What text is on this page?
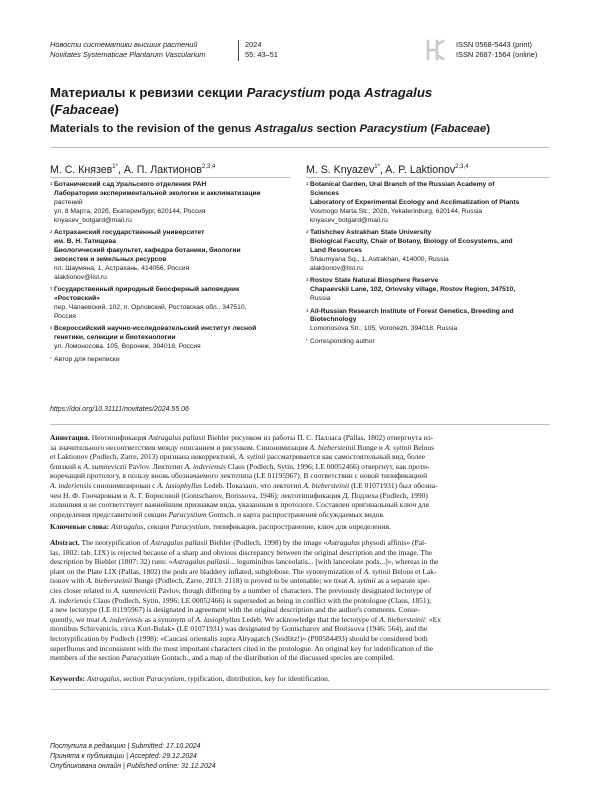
Новости систематики высших растений
Novitates Systematicae Plantarum Vascularium
2024
55: 43–51
ISSN 0568-5443 (print)
ISSN 2687-1564 (online)
Материалы к ревизии секции Paracystium рода Astragalus
(Fabaceae)
Materials to the revision of the genus Astragalus section Paracystium (Fabaceae)
М. С. Князев$^{1*}$, А. П. Лактионов$^{2,3,4}$	M. S. Knyazev$^{1*}$, A. P. Laktionov$^{2,3,4}$
1 Ботанический сад Уральского отделения РАН
Лаборатория экспериментальной экологии и акклиматизации
растений
ул. 8 Марта, 202б, Екатеринбург, 620144, Россия
knyasev_botgard@mail.ru
2 Астраханский государственный университет
им. В. Н. Татищева
Биологический факультет, кафедра ботаники, биологии
экосистем и земельных ресурсов
пл. Шаумяна, 1, Астрахань, 414056, Россия
alaktionov@list.ru
3 Государственный природный биосферный заповедник
«Ростовский»
пер. Чапаевский, 102, п. Орловский, Ростовская обл., 347510,
Россия
4 Всероссийский научно-исследовательский институт лесной
генетики, селекции и биотехнологии
ул. Ломоносова, 105, Воронеж, 394018, Россия
* Автор для переписки
1 Botanical Garden, Ural Branch of the Russian Academy of
Sciences
Laboratory of Experimental Ecology and Acclimatization of Plants
Vosmogo Marta Str., 202b, Yekaterinburg, 620144, Russia
knyasev_botgard@mail.ru
2 Tatishchev Astrakhan State University
Biological Faculty, Chair of Botany, Biology of Ecosystems, and
Land Resources
Shaumyana Sq., 1, Astrakhan, 414000, Russia
alaktionov@list.ru
3 Rostov State Natural Biosphere Reserve
Chapaevskii Lane, 102, Orlovsky village, Rostov Region, 347510,
Russia
4 All-Russian Research Institute of Forest Genetics, Breeding and
Biotechnology
Lomonosova Str., 105, Voronezh, 394018, Russia
* Corresponding author
https://doi.org/10.31111/novitates/2024.55.06
Аннотация. Неотипификация Astragalus pallasii Biehler рисунком из работы П. С. Палласа (Pallas, 1802) отвергнута из-
за значительного несоответствия между описанием и рисунком. Синонимизация A. biebersteinii Bunge и A. sytinii Belous
et Laktionov (Podlech, Zarre, 2013) признана некорректной, A. sytinii рассматривается как самостоятельный вид, более
близкий к A. sumneviczii Pavlov. Лектотип A. inderiensis Claus (Podlech, Sytin, 1996; LE 00052466) отвергнут, как проти-
воречащий протологу, в пользу вновь обозначаемого лектотипа (LE 01195967). В соответствии с новой типификацией
A. inderiensis синонимизирован с A. lasiophyllus Ledeb. Показано, что лектотип A. biebersteinii (LE 01071931) был обозна-
чен Н. Ф. Гончаровым и А. Г. Борисовой (Gontscharov, Borissova, 1946); лектотипификация Д. Подлеха (Podlech, 1990)
излишняя и не соответствует важнейшим признакам вида, указанным в протологе. Составлен оригинальный ключ для
определения представителей секции Paracystium Gontsch. и карта распространения обсуждаемых видов.
Ключевые слова: Astragalus, секция Paracystium, типификация, распространение, ключ для определения.
Abstract. The neotypification of Astragalus pallasii Biehler (Podlech, 1998) by the image «Astragalus physodi affinis» (Pal-
las, 1802: tab. LIX) is rejected because of a sharp and obvious discrepancy between the original description and the image. The
description by Biehler (1807: 32) runs: «Astragalus pallasii... leguminibus lanceolatis... [with lanceolate pods...]», whereas in the
plant on the Plate LIX (Pallas, 1802) the pods are bladdery inflated, subglobose. The synonymization of A. sytinii Belous et Lak-
tionov with A. biebersteinii Bunge (Podlech, Zarre, 2013: 2118) is proved to be untenable; we treat A. sytinii as a separate spe-
cies closer related to A. sumneviczii Pavlov, though differing by a number of characters. The previously designated lectotype of
A. inderiensis Claus (Podlech, Sytin, 1996; LE 00052466) is superseded as being in conflict with the protologue (Claus, 1851);
a new lectotype (LE 01195967) is designated in agreement with the original description and the author's comments. Conse-
quently, we treat A. inderiensis as a synonym of A. lasiophyllus Ledeb. We acknowledge that the lectotype of A. biebersteinii: «Ex
montibus Schirvanicis, circa Kurt-Bulak» (LE 01071931) was designated by Gontscharov and Borissova (1946: 564), and the
lectotypification by Podlech (1998): «Caucasi orientalis supra Altyagatch (Seidlitz!)» (P00584493) should be considered both
superfluous and inconsistent with the most important characters cited in the protologue. An original key for indetification of the
members of the section Paracystium Gontsch., and a map of the distribution of the discussed species are compiled.
Keywords: Astragalus, section Paracystium, typification, distribution, key for identification.
Поступила в редакцию | Submitted: 17.10.2024
Принята к публикации | Accepted: 29.12.2024
Опубликована онлайн | Published online: 31.12.2024
